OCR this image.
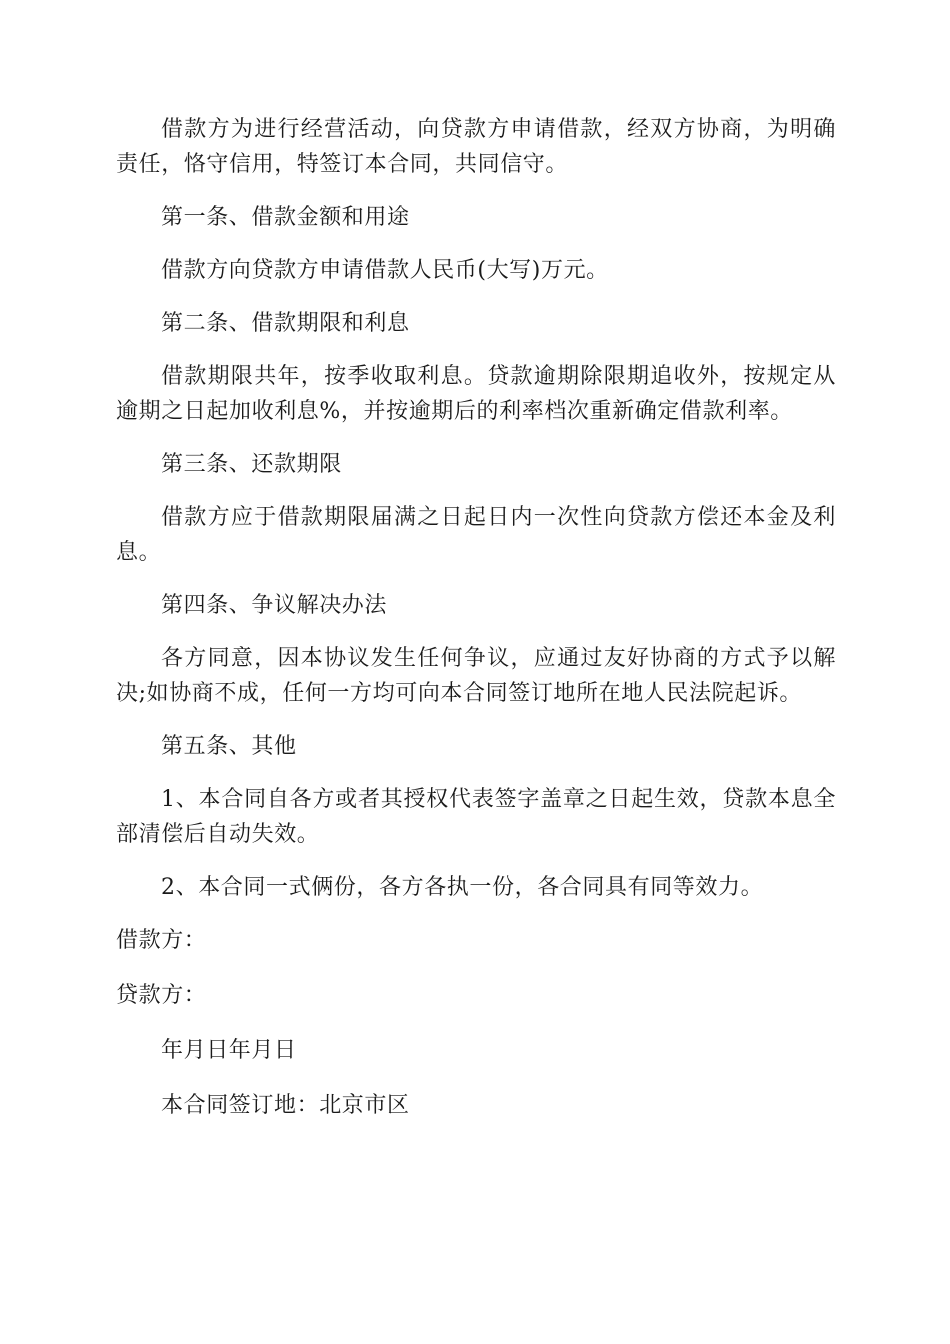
借款方为进行经营活动，向贷款方申请借款，经双方协商，为明确责任，恪守信用，特签订本合同，共同信守。

第一条、借款金额和用途

借款方向贷款方申请借款人民币(大写)万元。

第二条、借款期限和利息

借款期限共年，按季收取利息。贷款逾期除限期追收外，按规定从逾期之日起加收利息%，并按逾期后的利率档次重新确定借款利率。

第三条、还款期限

借款方应于借款期限届满之日起日内一次性向贷款方偿还本金及利息。

第四条、争议解决办法

各方同意，因本协议发生任何争议，应通过友好协商的方式予以解决;如协商不成，任何一方均可向本合同签订地所在地人民法院起诉。

第五条、其他

1、本合同自各方或者其授权代表签字盖章之日起生效，贷款本息全部清偿后自动失效。

2、本合同一式俩份，各方各执一份，各合同具有同等效力。

借款方：

贷款方：

年月日年月日

本合同签订地：北京市区
